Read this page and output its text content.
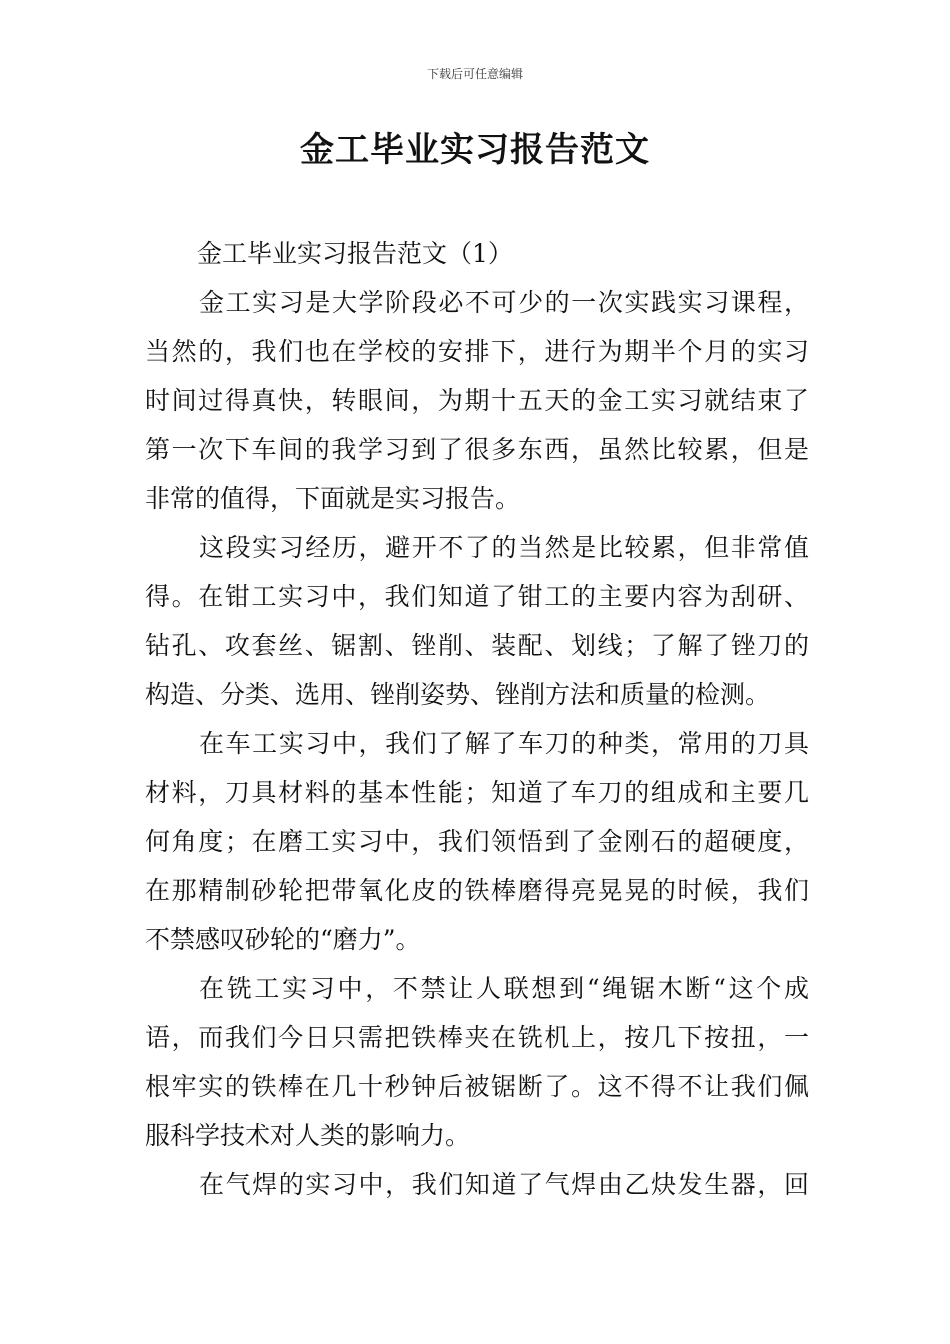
下载后可任意编辑
金工毕业实习报告范文
金工毕业实习报告范文（1）
金工实习是大学阶段必不可少的一次实践实习课程，
当然的，我们也在学校的安排下，进行为期半个月的实习
时间过得真快，转眼间，为期十五天的金工实习就结束了
第一次下车间的我学习到了很多东西，虽然比较累，但是
非常的值得，下面就是实习报告。
这段实习经历，避开不了的当然是比较累，但非常值
得。在钳工实习中，我们知道了钳工的主要内容为刮研、
钻孔、攻套丝、锯割、锉削、装配、划线；了解了锉刀的
构造、分类、选用、锉削姿势、锉削方法和质量的检测。
在车工实习中，我们了解了车刀的种类，常用的刀具
材料，刀具材料的基本性能；知道了车刀的组成和主要几
何角度；在磨工实习中，我们领悟到了金刚石的超硬度，
在那精制砂轮把带氧化皮的铁棒磨得亮晃晃的时候，我们
不禁感叹砂轮的“磨力”。
在铣工实习中，不禁让人联想到“绳锯木断“这个成
语，而我们今日只需把铁棒夹在铣机上，按几下按扭，一
根牢实的铁棒在几十秒钟后被锯断了。这不得不让我们佩
服科学技术对人类的影响力。
在气焊的实习中，我们知道了气焊由乙炔发生器，回
